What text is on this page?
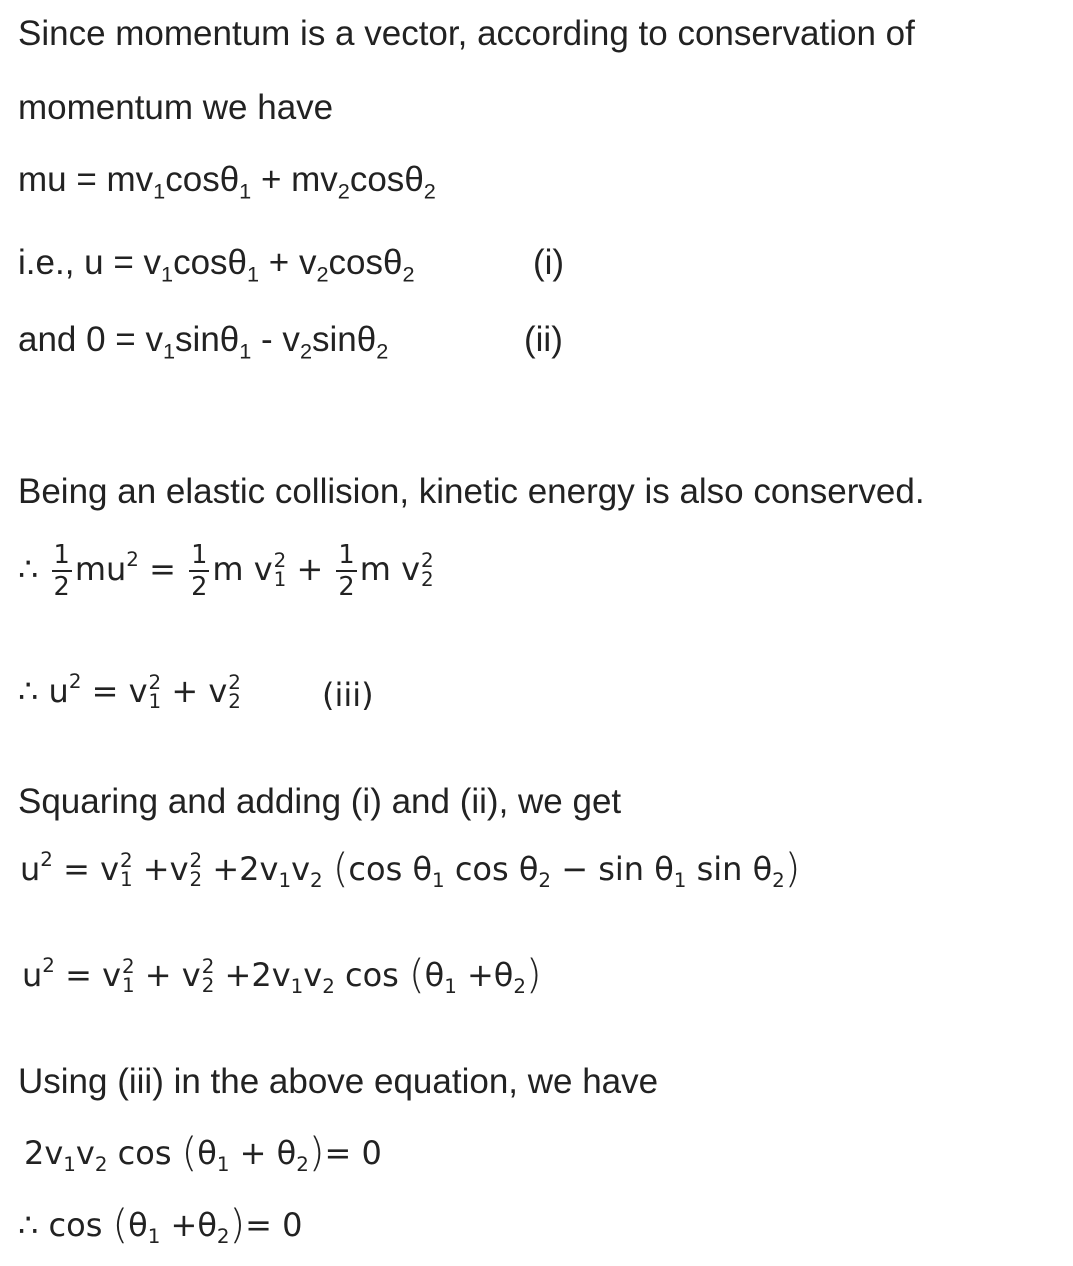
Since momentum is a vector, according to conservation of
momentum we have
mu = $mv_1\cos\theta_1 + mv_2\cos\theta_2$
i.e., $u = v_1\cos\theta_1 + v_2\cos\theta_2$	(i)
and $0 = v_1\sin\theta_1 - v_2\sin\theta_2$	(ii)
Being an elastic collision, kinetic energy is also conserved.
∴ $\frac{1}{2} mu^2 = \frac{1}{2}$ m v 2
$1 + \frac{1}{2}$ m v 2
2
∴ $u^2 = v$ 2
1 + v 2
2	(iii)
Squaring and adding (i) and (ii), we get
$u^2 = v$ 2
1 +v 2
$2 +2v_1v_2$ (cos $\theta_1$ $\cos \theta_2 - \sin \theta_1$ $\sin \theta_2$)
$u^2 = v$ 2
1 + v 2
$2 +2v_1v_2$ $\cos (\theta_1 +\theta_2)$
Using (iii) in the above equation, we have
$2v_1v_2$ $\cos (\theta_1 + \theta_2)= 0$
∴ $\cos (\theta_1 +\theta_2)= 0$
